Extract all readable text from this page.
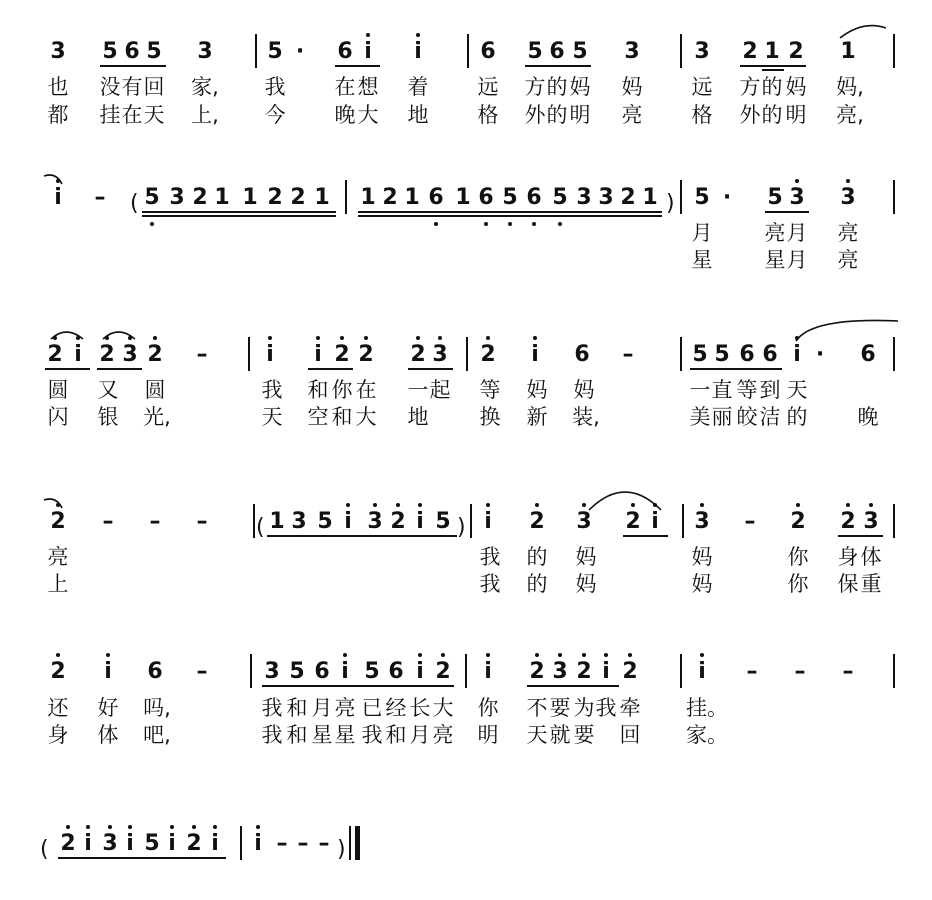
3 5 6 5 3 5 ·	6 i	i	6 5 6 5 3 3 2 1 2 1
也	没 有 回	家,	我	在 想	着	远	方 的 妈	妈	远	方 的 妈	妈,
都	挂 在 天	上,	今	晚 大	地	格	外 的 明	亮	格	外 的 明	亮,
i	– ( 5 3 2 1 1 2 2 1 1 2 1 6 1 6 5 6 5 3 3 2 1 ) 5 ·	5 3 3
月	亮 月	亮
星	星 月	亮
2 i 2 3 2 –	i	i 2 2 2 3 2	i	6 –	5 5 6 6 i ·	6
圆	又	圆	我	和 你 在	一 起	等	妈	妈	一 直 等 到 天
闪	银	光,	天	空 和 大	地	换	新	装,	美 丽 皎 洁 的	晚
2 – – – ( 1 3 5 i 3 2 i 5 ) i	2 3 2 i	3 – 2 2 3
亮	我	的	妈	妈	你	身 体
上	我	的	妈	妈	你	保 重
2	i	6 –	3 5 6 i 5 6 i 2	i	2 3 2 i 2	i	– – –
还	好	吗,	我 和 月 亮 已 经 长 大	你	不 要 为 我 牵	挂。
身	体	吧,	我 和 星 星 我 和 月 亮	明	天 就 要	回	家。
( 2 i 3 i 5 i 2 i	i – – – )
